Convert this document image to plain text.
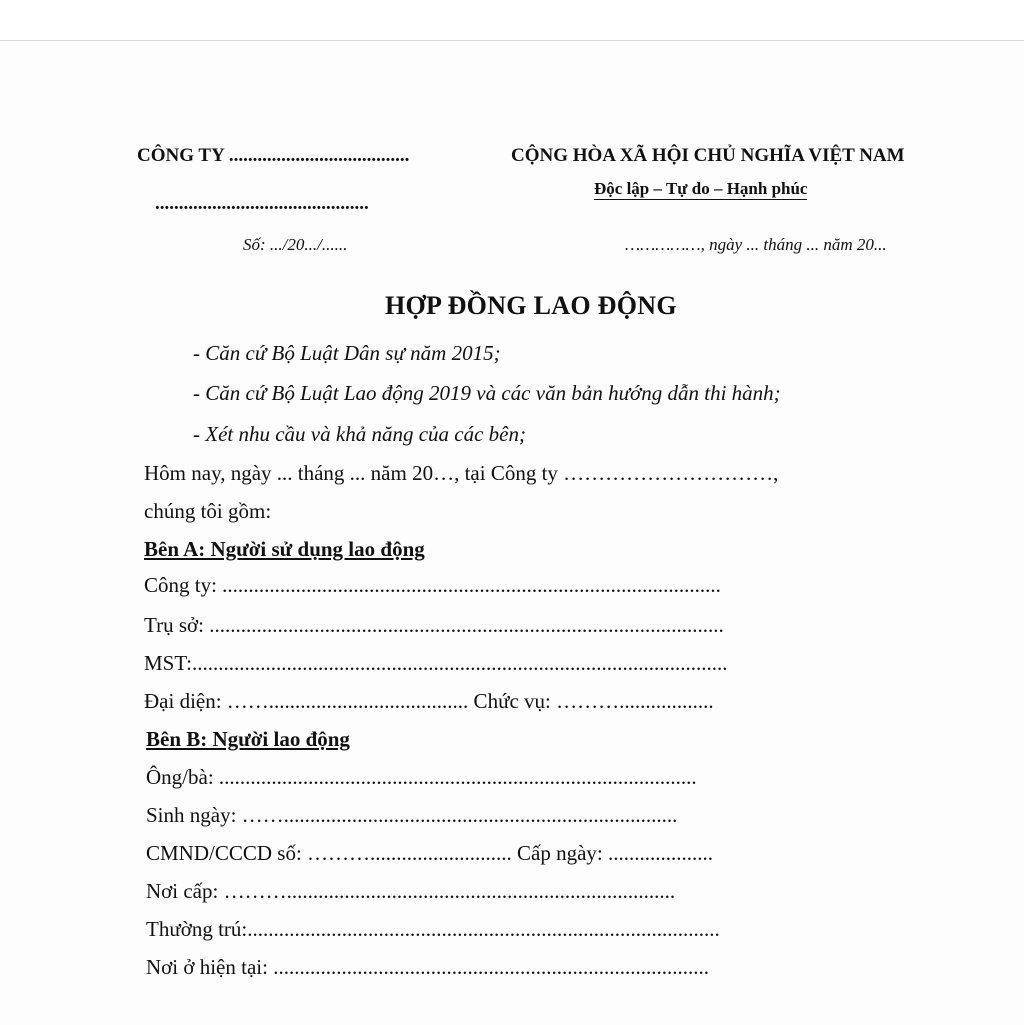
CÔNG TY ......................................
.............................................
CỘNG HÒA XÃ HỘI CHỦ NGHĨA VIỆT NAM
Độc lập – Tự do – Hạnh phúc
Số: .../20.../......	……………, ngày ... tháng ... năm 20...
HỢP ĐỒNG LAO ĐỘNG
- Căn cứ Bộ Luật Dân sự năm 2015;
- Căn cứ Bộ Luật Lao động 2019 và các văn bản hướng dẫn thi hành;
- Xét nhu cầu và khả năng của các bên;
Hôm nay, ngày ... tháng ... năm 20…, tại Công ty …………………………,
chúng tôi gồm:
Bên A: Người sử dụng lao động
Công ty: ...............................................................................................
Trụ sở: ..................................................................................................
MST:......................................................................................................
Đại diện: ……...................................... Chức vụ: ………..................
Bên B: Người lao động
Ông/bà: ...........................................................................................
Sinh ngày: ……...........................................................................
CMND/CCCD số: ………........................... Cấp ngày: ....................
Nơi cấp: ………..........................................................................
Thường trú:..........................................................................................
Nơi ở hiện tại: ...................................................................................
